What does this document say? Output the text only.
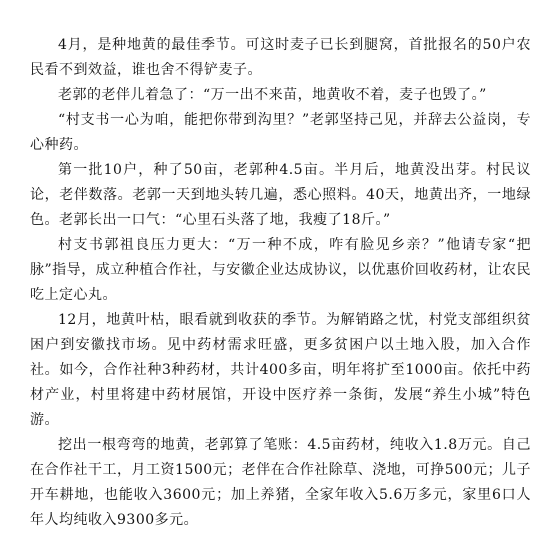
4月，是种地黄的最佳季节。可这时麦子已长到腿窝，首批报名的50户农民看不到效益，谁也舍不得铲麦子。

老郭的老伴儿着急了：“万一出不来苗，地黄收不着，麦子也毁了。”

“村支书一心为咱，能把你带到沟里？”老郭坚持己见，并辞去公益岗，专心种药。

第一批10户，种了50亩，老郭种4.5亩。半月后，地黄没出芽。村民议论，老伴数落。老郭一天到地头转几遍，悉心照料。40天，地黄出齐，一地绿色。老郭长出一口气：“心里石头落了地，我瘦了18斤。”

村支书郭祖良压力更大：“万一种不成，咋有脸见乡亲？”他请专家“把脉”指导，成立种植合作社，与安徽企业达成协议，以优惠价回收药材，让农民吃上定心丸。

12月，地黄叶枯，眼看就到收获的季节。为解销路之忧，村党支部组织贫困户到安徽找市场。见中药材需求旺盛，更多贫困户以土地入股，加入合作社。如今，合作社种3种药材，共计400多亩，明年将扩至1000亩。依托中药材产业，村里将建中药材展馆，开设中医疗养一条街，发展“养生小城”特色游。

挖出一根弯弯的地黄，老郭算了笔账：4.5亩药材，纯收入1.8万元。自己在合作社干工，月工资1500元；老伴在合作社除草、浇地，可挣500元；儿子开车耕地，也能收入3600元；加上养猪，全家年收入5.6万多元，家里6口人年人均纯收入9300多元。
